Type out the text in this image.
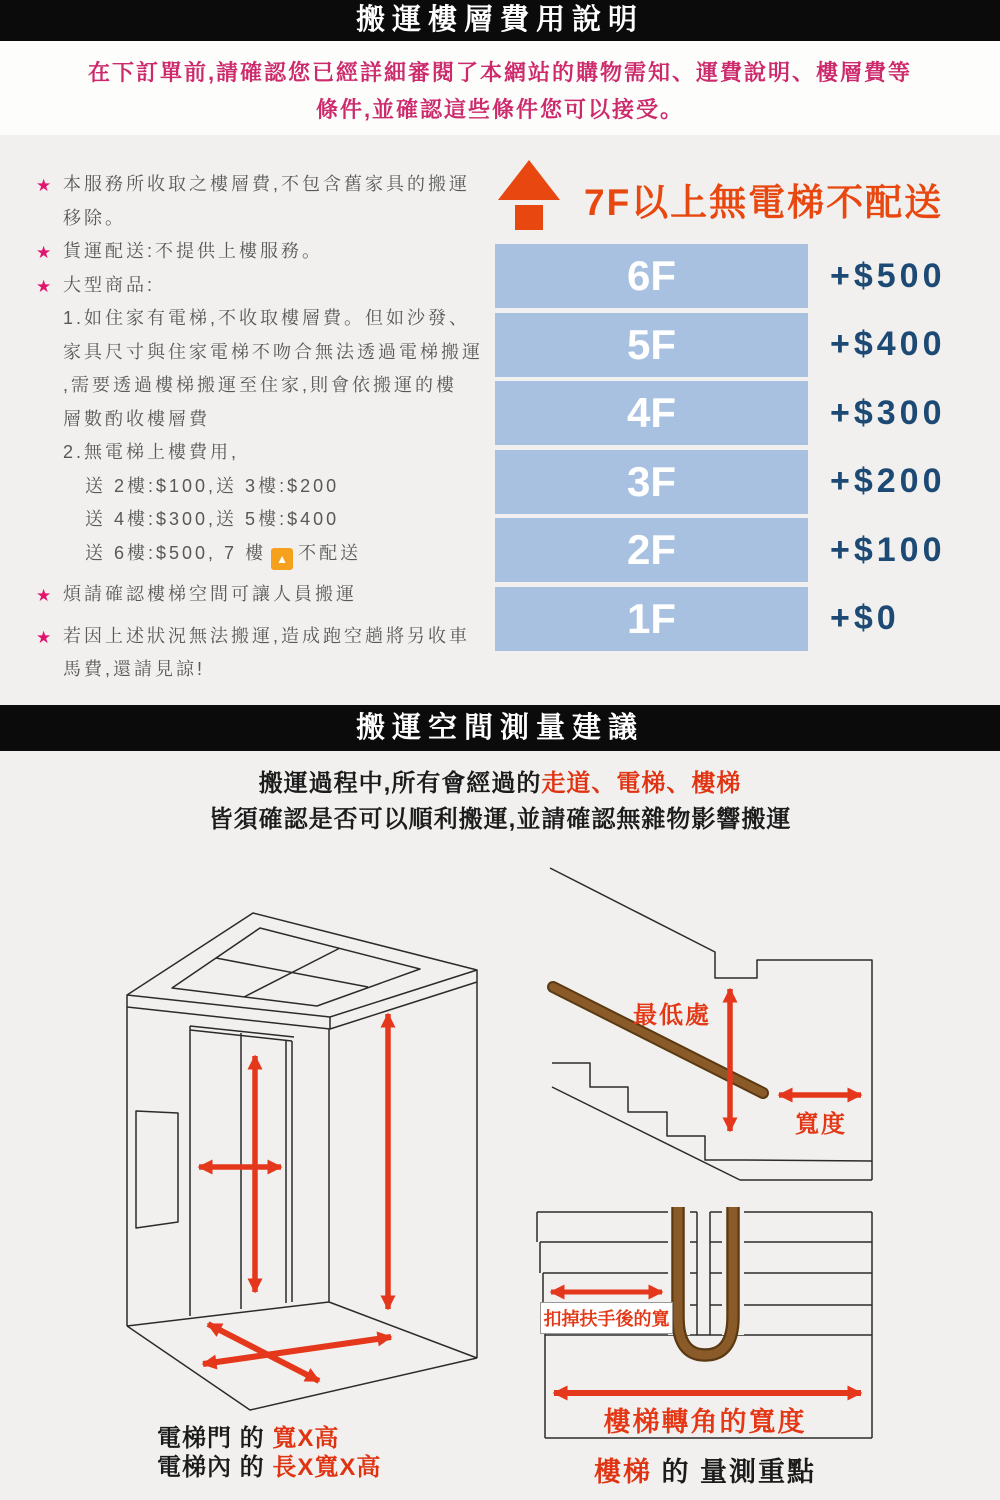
搬運樓層費用說明
在下訂單前,請確認您已經詳細審閱了本網站的購物需知、運費說明、樓層費等
條件,並確認這些條件您可以接受。
★ 本服務所收取之樓層費,不包含舊家具的搬運
移除。
★ 貨運配送:不提供上樓服務。
★ 大型商品:
1.如住家有電梯,不收取樓層費。但如沙發、
家具尺寸與住家電梯不吻合無法透過電梯搬運
,需要透過樓梯搬運至住家,則會依搬運的樓
層數酌收樓層費
2.無電梯上樓費用,
送 2樓:$100,送 3樓:$200
送 4樓:$300,送 5樓:$400
送 6樓:$500, 7 樓 ▲ 不配送
★ 煩請確認樓梯空間可讓人員搬運
★ 若因上述狀況無法搬運,造成跑空趟將另收車
馬費,還請見諒!
7F以上無電梯不配送
6F	+$500
5F	+$400
4F	+$300
3F	+$200
2F	+$100
1F	+$0
搬運空間測量建議
搬運過程中,所有會經過的走道、電梯、樓梯
皆須確認是否可以順利搬運,並請確認無雜物影響搬運
最低處
寬度
扣掉扶手後的寬
樓梯轉角的寬度
電梯門 的 寬X高
電梯內 的 長X寬X高	樓梯 的 量測重點
